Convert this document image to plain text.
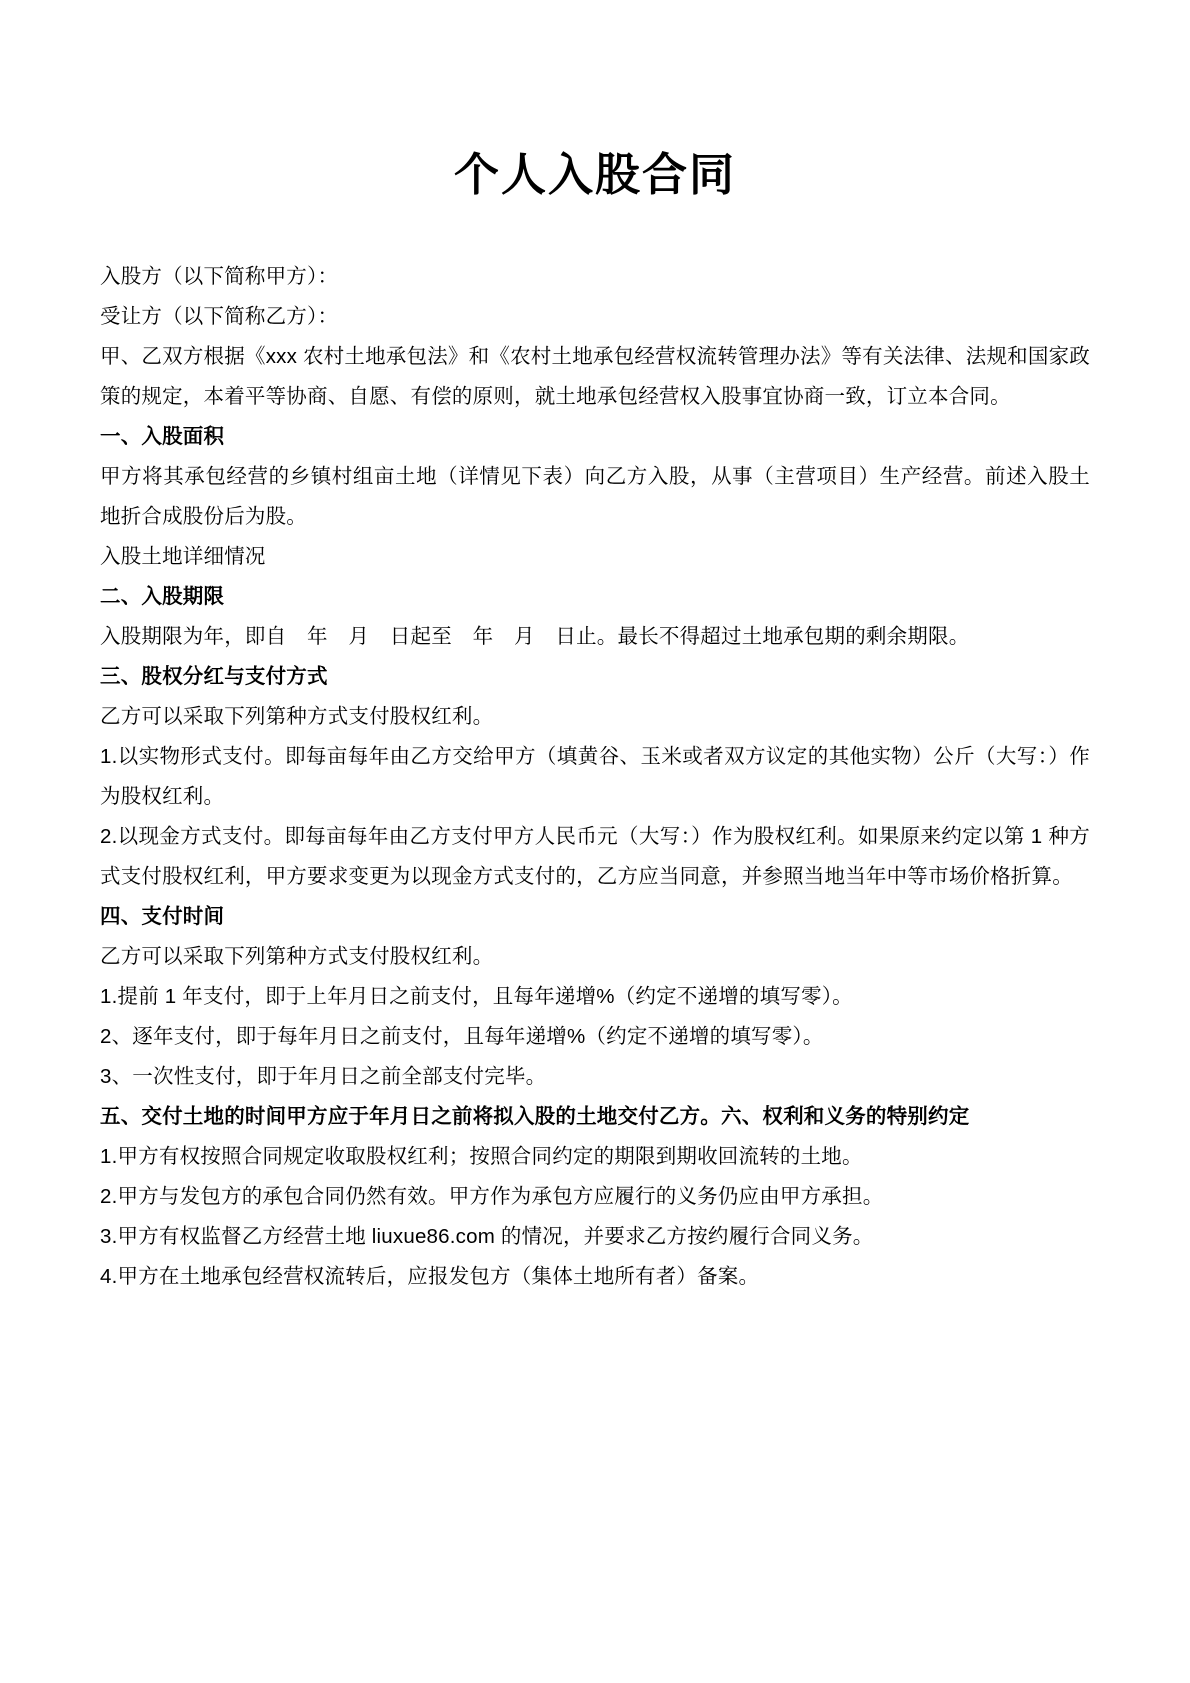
个人入股合同

入股方（以下简称甲方）：

受让方（以下简称乙方）：

甲、乙双方根据《xxx 农村土地承包法》和《农村土地承包经营权流转管理办法》等有关法律、法规和国家政策的规定，本着平等协商、自愿、有偿的原则，就土地承包经营权入股事宜协商一致，订立本合同。

一、入股面积

甲方将其承包经营的乡镇村组亩土地（详情见下表）向乙方入股，从事（主营项目）生产经营。前述入股土地折合成股份后为股。

入股土地详细情况

二、入股期限

入股期限为年，即自　年　月　日起至　年　月　日止。最长不得超过土地承包期的剩余期限。

三、股权分红与支付方式

乙方可以采取下列第种方式支付股权红利。

1.以实物形式支付。即每亩每年由乙方交给甲方（填黄谷、玉米或者双方议定的其他实物）公斤（大写：）作为股权红利。

2.以现金方式支付。即每亩每年由乙方支付甲方人民币元（大写：）作为股权红利。如果原来约定以第 1 种方式支付股权红利，甲方要求变更为以现金方式支付的，乙方应当同意，并参照当地当年中等市场价格折算。

四、支付时间

乙方可以采取下列第种方式支付股权红利。

1.提前 1 年支付，即于上年月日之前支付，且每年递增%（约定不递增的填写零）。

2、逐年支付，即于每年月日之前支付，且每年递增%（约定不递增的填写零）。

3、一次性支付，即于年月日之前全部支付完毕。

五、交付土地的时间甲方应于年月日之前将拟入股的土地交付乙方。六、权利和义务的特别约定

1.甲方有权按照合同规定收取股权红利；按照合同约定的期限到期收回流转的土地。

2.甲方与发包方的承包合同仍然有效。甲方作为承包方应履行的义务仍应由甲方承担。

3.甲方有权监督乙方经营土地 liuxue86.com 的情况，并要求乙方按约履行合同义务。

4.甲方在土地承包经营权流转后，应报发包方（集体土地所有者）备案。
